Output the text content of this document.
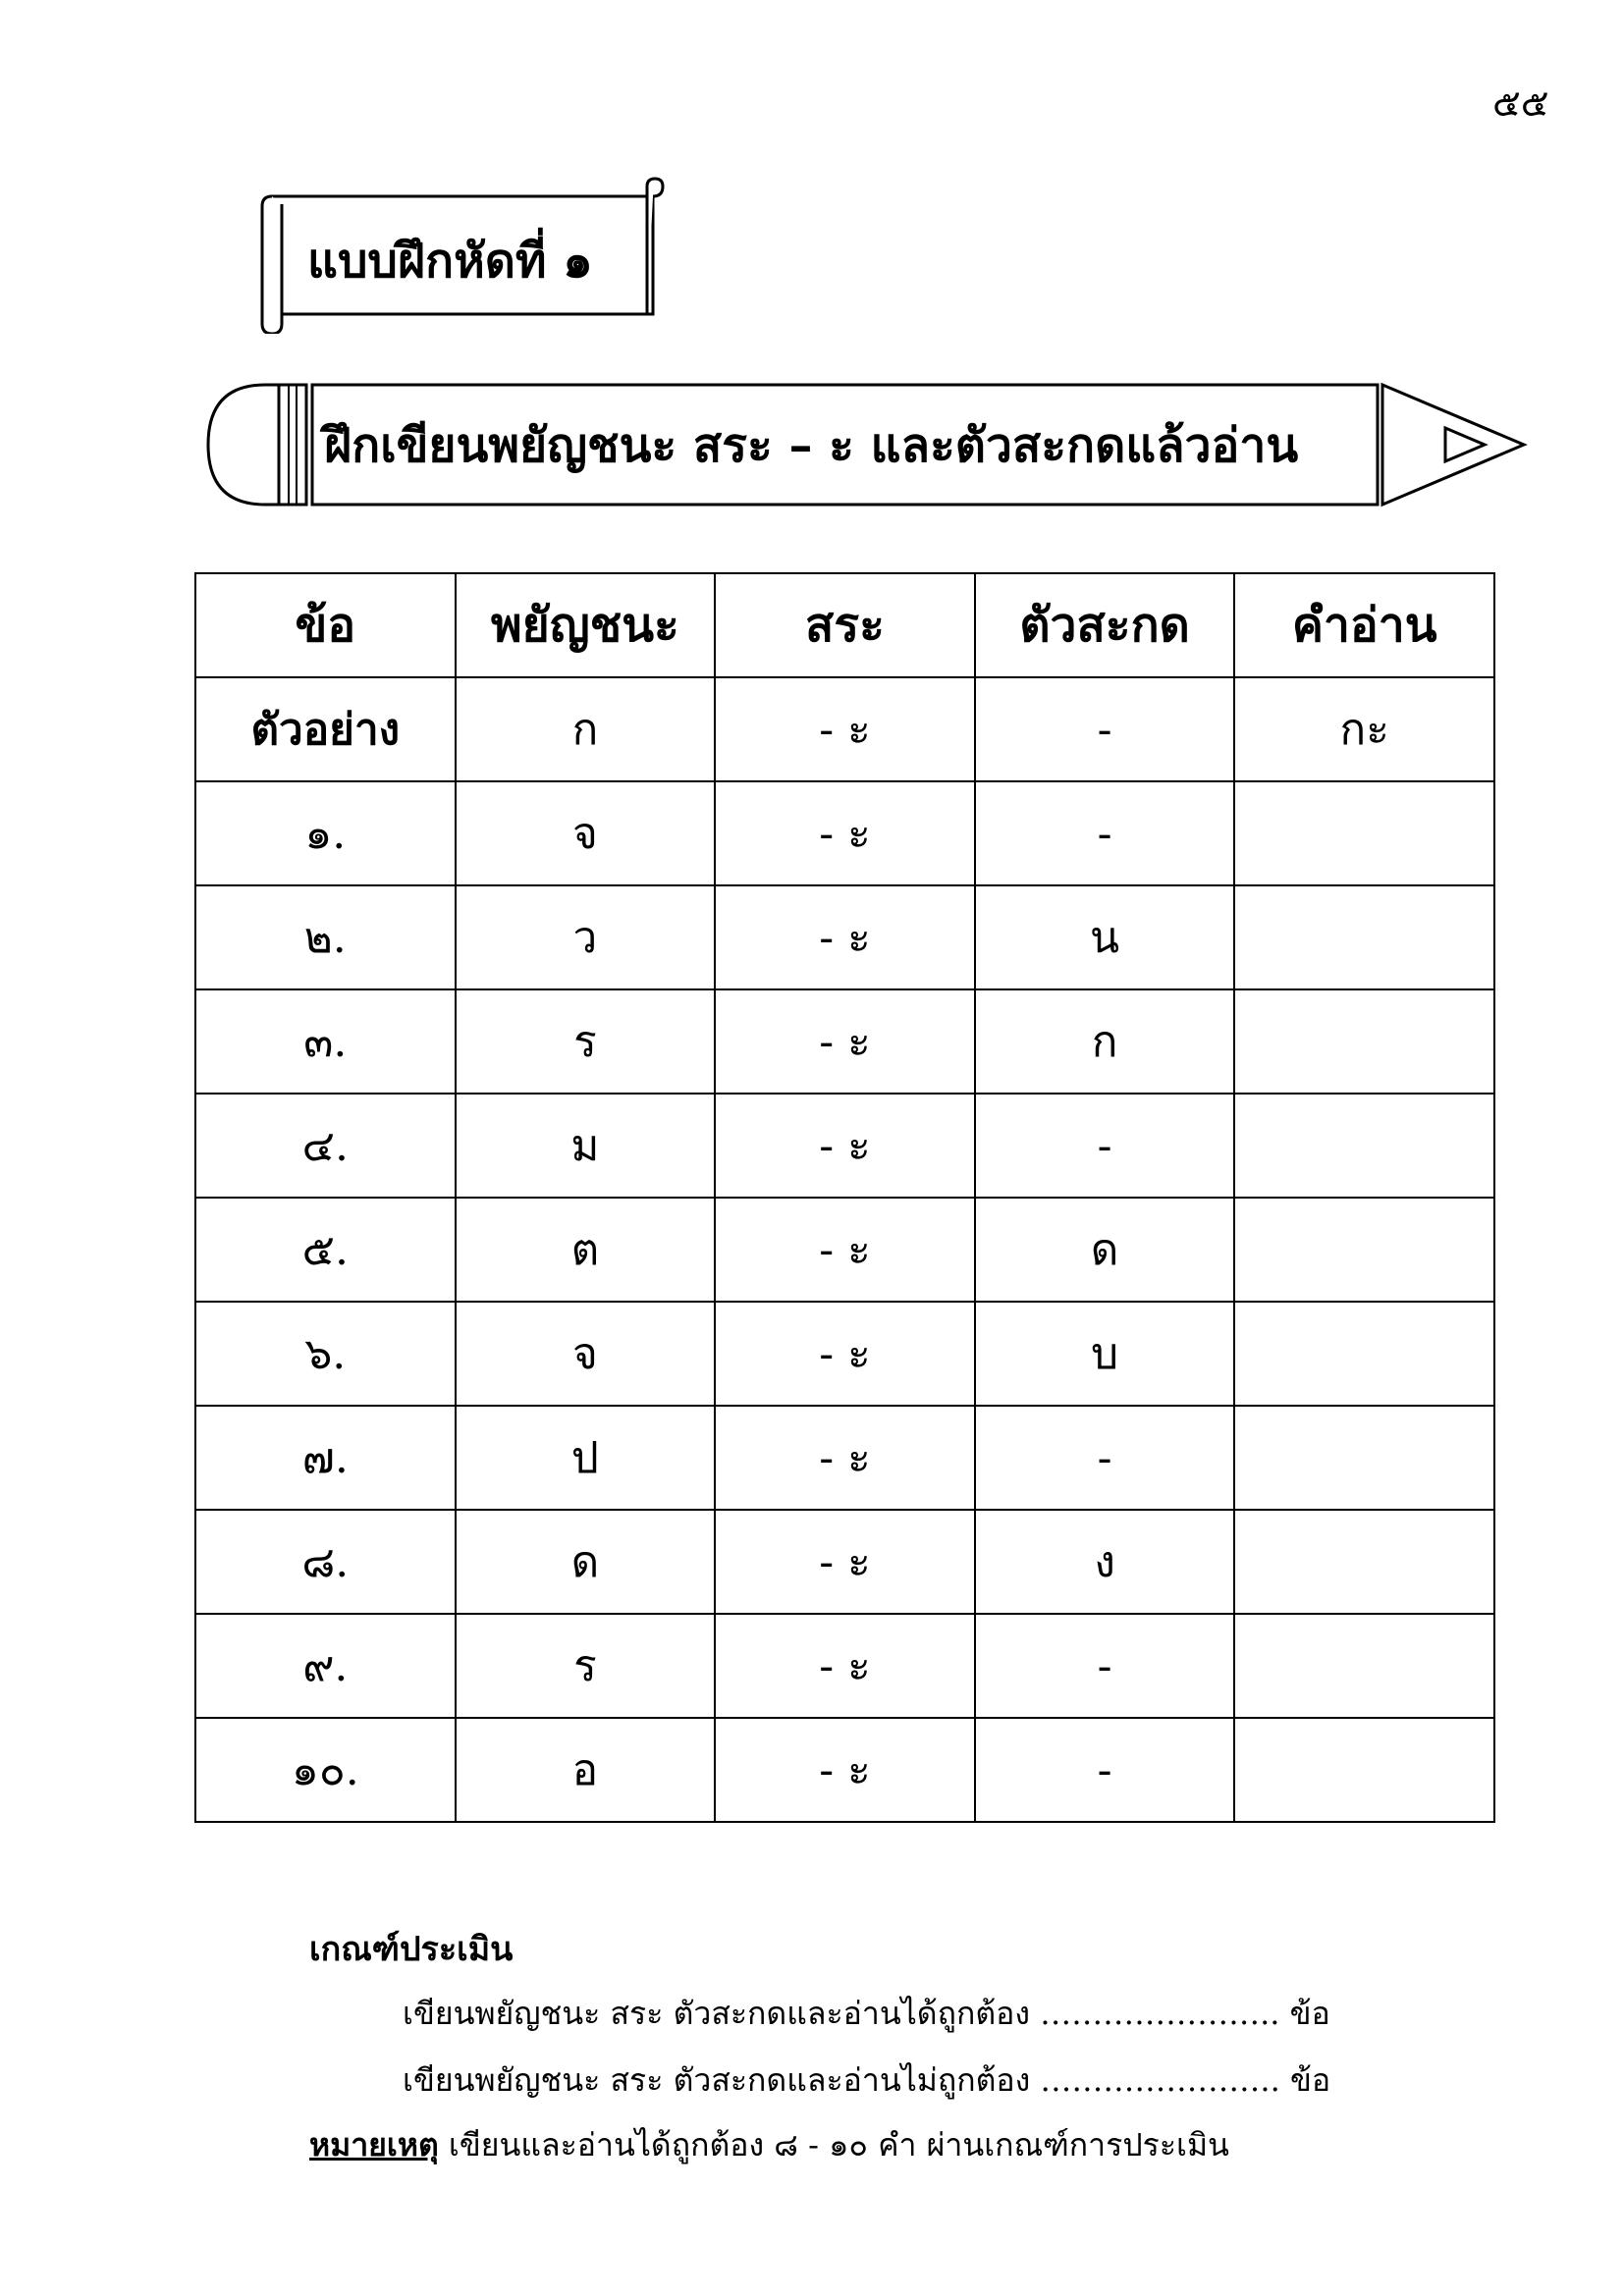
๕๕
แบบฝึกหัดที่ ๑
ฝึกเขียนพยัญชนะ สระ – ะ และตัวสะกดแล้วอ่าน
ข้อ	พยัญชนะ	สระ	ตัวสะกด	คำอ่าน
ตัวอย่าง	ก	- ะ	-	กะ
๑.	จ	- ะ	-	
๒.	ว	- ะ	น	
๓.	ร	- ะ	ก	
๔.	ม	- ะ	-	
๕.	ต	- ะ	ด	
๖.	จ	- ะ	บ	
๗.	ป	- ะ	-	
๘.	ด	- ะ	ง	
๙.	ร	- ะ	-	
๑๐.	อ	- ะ	-	
เกณฑ์ประเมิน
เขียนพยัญชนะ สระ ตัวสะกดและอ่านได้ถูกต้อง ………………….. ข้อ
เขียนพยัญชนะ สระ ตัวสะกดและอ่านไม่ถูกต้อง ………………….. ข้อ
หมายเหตุ เขียนและอ่านได้ถูกต้อง ๘ - ๑๐ คำ ผ่านเกณฑ์การประเมิน
